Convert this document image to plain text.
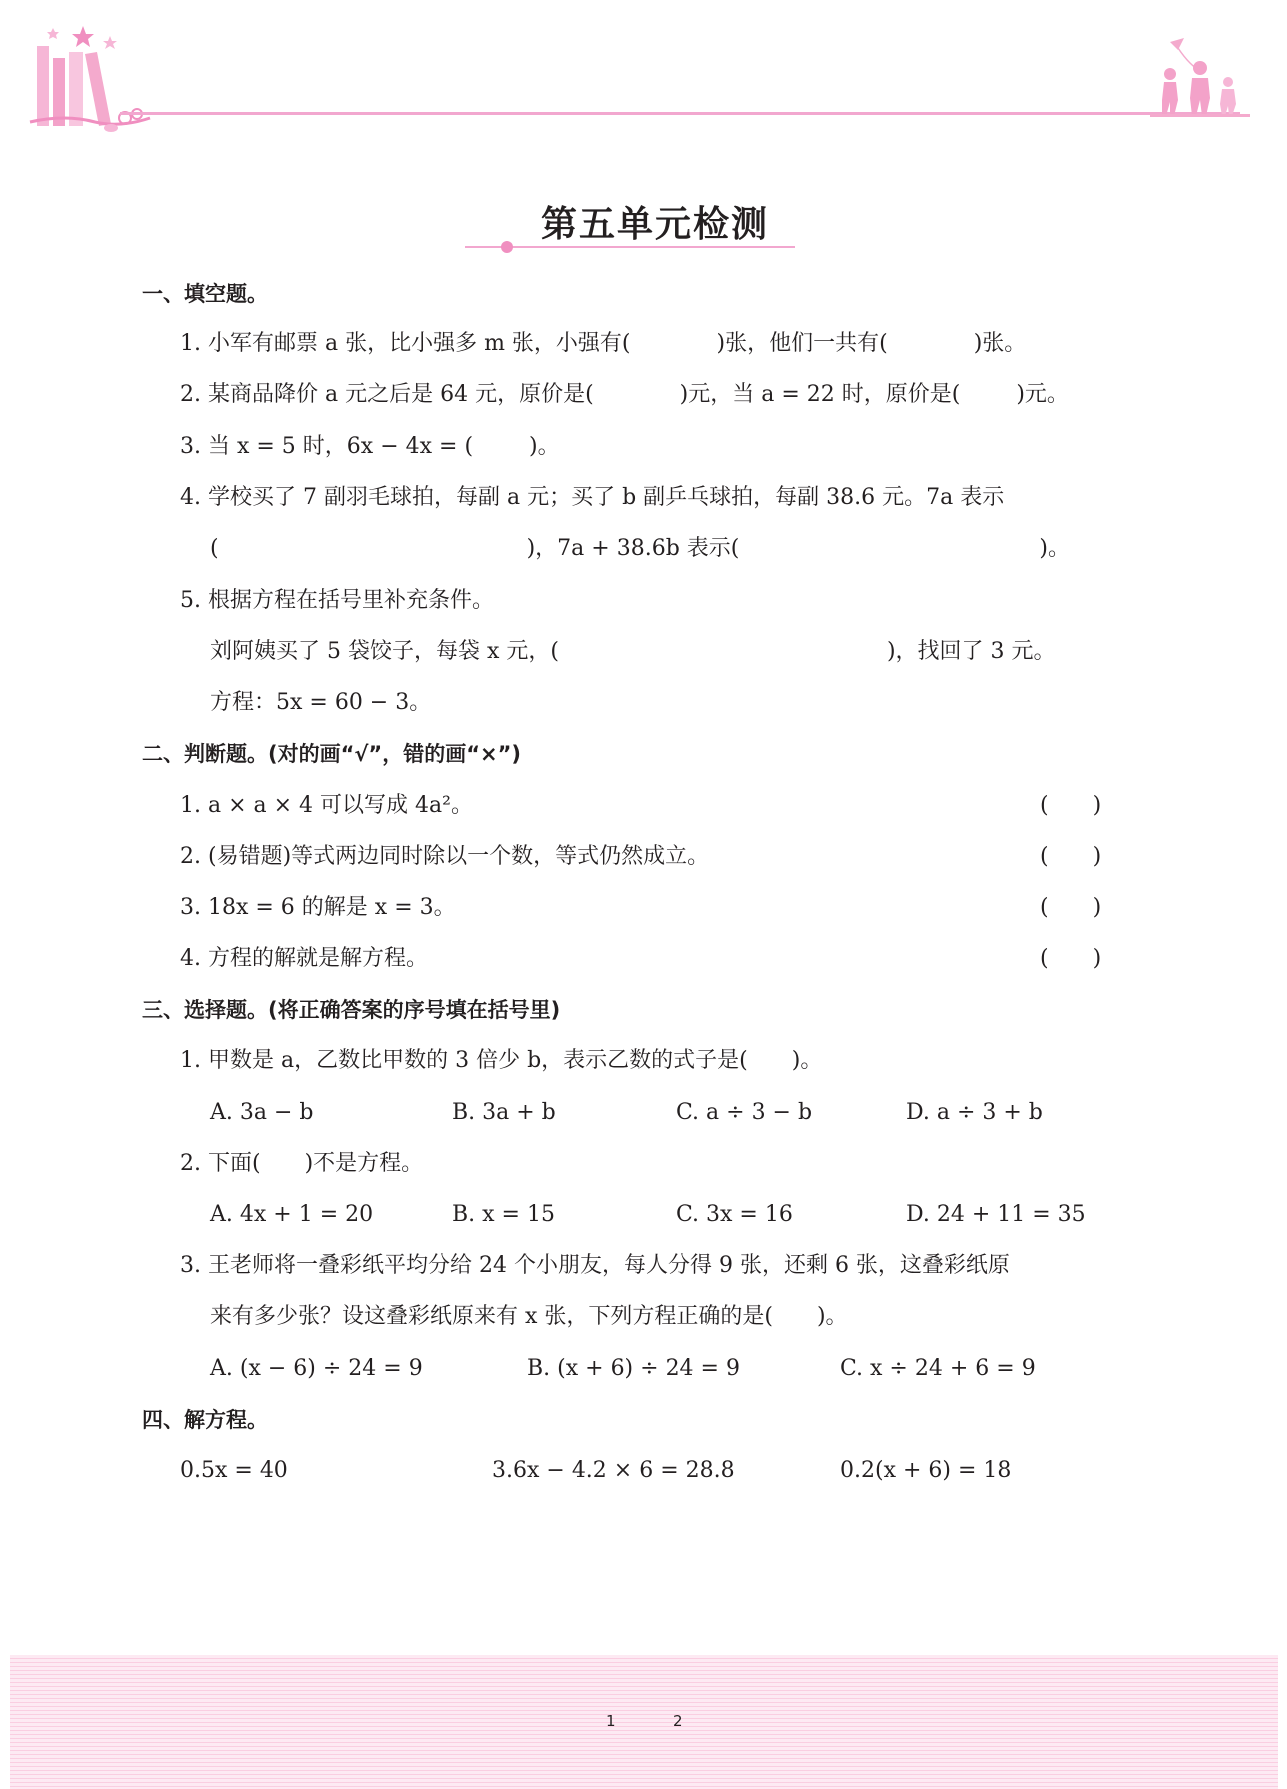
第五单元检测
一、填空题。
1. 小军有邮票 a 张，比小强多 m 张，小强有(	)张，他们一共有(	)张。
2. 某商品降价 a 元之后是 64 元，原价是(	)元，当 a = 22 时，原价是(	)元。
3. 当 x = 5 时，6x − 4x = (	)。
4. 学校买了 7 副羽毛球拍，每副 a 元；买了 b 副乒乓球拍，每副 38.6 元。7a 表示
(	)，7a + 38.6b 表示(	)。
5. 根据方程在括号里补充条件。
刘阿姨买了 5 袋饺子，每袋 x 元，(	)，找回了 3 元。
方程：5x = 60 − 3。
二、判断题。(对的画“√”，错的画“×”)
1. a × a × 4 可以写成 4a²。	(　　)
2. (易错题)等式两边同时除以一个数，等式仍然成立。	(　　)
3. 18x = 6 的解是 x = 3。	(　　)
4. 方程的解就是解方程。	(　　)
三、选择题。(将正确答案的序号填在括号里)
1. 甲数是 a，乙数比甲数的 3 倍少 b，表示乙数的式子是(　　)。
A. 3a − b	B. 3a + b	C. a ÷ 3 − b	D. a ÷ 3 + b
2. 下面(　　)不是方程。
A. 4x + 1 = 20	B. x = 15	C. 3x = 16	D. 24 + 11 = 35
3. 王老师将一叠彩纸平均分给 24 个小朋友，每人分得 9 张，还剩 6 张，这叠彩纸原
来有多少张？设这叠彩纸原来有 x 张，下列方程正确的是(　　)。
A. (x − 6) ÷ 24 = 9	B. (x + 6) ÷ 24 = 9	C. x ÷ 24 + 6 = 9
四、解方程。
0.5x = 40	3.6x − 4.2 × 6 = 28.8	0.2(x + 6) = 18
1	2
